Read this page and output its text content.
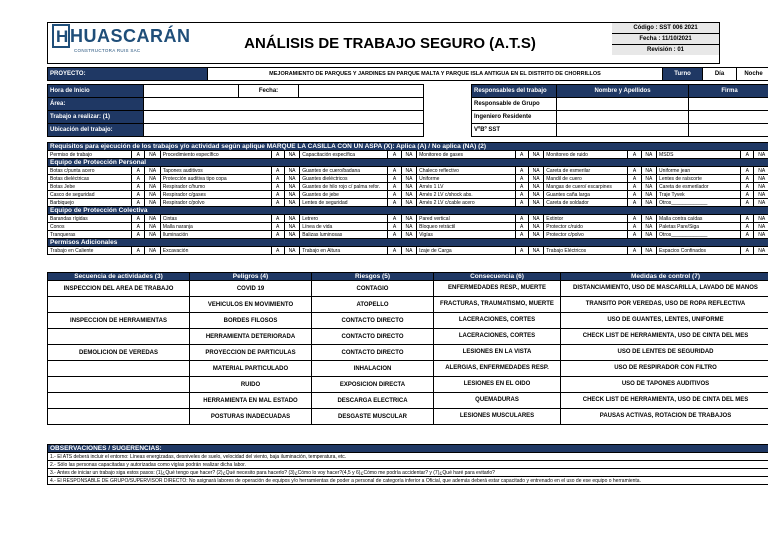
H HUASCARÁN
CONSTRUCTORA RUIS SAC	ANÁLISIS DE TRABAJO SEGURO (A.T.S)
Código : SST 006 2021
Fecha : 11/10/2021
Revisión : 01
PROYECTO:	MEJORAMIENTO DE PARQUES Y JARDINES EN PARQUE MALTA Y PARQUE ISLA ANTIGUA EN EL DISTRITO DE CHORRILLOS	Turno	Día	Noche
Hora de Inicio		Fecha:			Responsables del trabajo	Nombre y Apellidos	Firma
Área:					Responsable de Grupo		
Trabajo a realizar: (1)					Ingeniero Residente		
Ubicación del trabajo:					VºBº SST		
Requisitos para ejecución de los trabajos y/o actividad según aplique MARQUE LA CASILLA CON UN ASPA (X): Aplica (A) / No aplica (NA) (2)																	
Permiso de trabajo	A	NA	Procedimiento específico	A	NA	Capacitación específica	A	NA	Monitoreo de gases	A	NA	Monitoreo de ruido	A	NA	MSDS	A	NA
Equipo de Protección Personal																	
Botas c/punta acero	A	NA	Tapones auditivos	A	NA	Guantes de cuero/badana	A	NA	Chaleco reflectivo	A	NA	Careta de esmerilar	A	NA	Uniforme jean	A	NA
Botas dieléctricas	A	NA	Protección auditiva tipo copa	A	NA	Guantes dieléctricos	A	NA	Uniforme	A	NA	Mandil de cuero	A	NA	Lentes de raíscorte	A	NA
Botas Jebe	A	NA	Respirador c/humo	A	NA	Guantes de hilo rojo c/ palma refor.	A	NA	Arnés 1 LV	A	NA	Mangas de cuero/ escarpines	A	NA	Careta de esmerilador	A	NA
Casco de seguridad	A	NA	Respirador c/gases	A	NA	Guantes de jebe	A	NA	Arnés 2 LV c/shock abs.	A	NA	Guantes caña larga	A	NA	Traje Tyvek	A	NA
Barbiquejo	A	NA	Respirador c/polvo	A	NA	Lentes de seguridad	A	NA	Arnés 2 LV c/cable acero	A	NA	Careta de soldador	A	NA	Otros_____________	A	NA
Equipo de Protección Colectiva																	
Barandas rígidas	A	NA	Cintas	A	NA	Letrero	A	NA	Pared vertical	A	NA	Extintor	A	NA	Malla contra caídas	A	NA
Conos	A	NA	Malla naranja	A	NA	Línea de vida	A	NA	Bloqueo retráctil	A	NA	Protector c/ruido	A	NA	Paletas Pare/Siga	A	NA
Tranqueras	A	NA	Iluminación	A	NA	Balizas luminosas	A	NA	Vigías	A	NA	Protector c/polvo	A	NA	Otros_____________	A	NA
Permisos Adicionales																	
Trabajo en Caliente	A	NA	Excavación	A	NA	Trabajo en Altura	A	NA	Izaje de Carga	A	NA	Trabajo Eléctricos	A	NA	Espacios Confinados	A	NA
Secuencia de actividades (3)	Peligros (4)	Riesgos (5)	Consecuencia (6)	Medidas de control (7)
INSPECCION DEL AREA DE TRABAJO	COVID 19	CONTAGIO	ENFERMEDADES RESP., MUERTE	DISTANCIAMIENTO, USO DE MASCARILLA, LAVADO DE MANOS
	VEHICULOS EN MOVIMIENTO	ATOPELLO	FRACTURAS, TRAUMATISMO, MUERTE	TRANSITO POR VEREDAS, USO DE ROPA REFLECTIVA
INSPECCION DE HERRAMIENTAS	BORDES FILOSOS	CONTACTO DIRECTO	LACERACIONES, CORTES	USO DE GUANTES, LENTES, UNIFORME
	HERRAMIENTA DETERIORADA	CONTACTO DIRECTO	LACERACIONES, CORTES	CHECK LIST DE HERRAMIENTA, USO DE CINTA DEL MES
DEMOLICION DE VEREDAS	PROYECCION DE PARTICULAS	CONTACTO DIRECTO	LESIONES EN LA VISTA	USO DE LENTES DE SEGURIDAD
	MATERIAL PARTICULADO	INHALACION	ALERGIAS, ENFERMEDADES RESP.	USO DE RESPIRADOR CON FILTRO
	RUIDO	EXPOSICION DIRECTA	LESIONES EN EL OIDO	USO DE TAPONES AUDITIVOS
	HERRAMIENTA EN MAL ESTADO	DESCARGA ELECTRICA	QUEMADURAS	CHECK LIST DE HERRAMIENTA, USO DE CINTA DEL MES
	POSTURAS INADECUADAS	DESGASTE MUSCULAR	LESIONES MUSCULARES	PAUSAS ACTIVAS, ROTACION DE TRABAJOS
OBSERVACIONES / SUGERENCIAS:
1.- El ATS deberá incluir el entorno: Líneas energizadas, desniveles de suelo, velocidad del viento, baja iluminación, temperatura, etc.
2.- Sólo las personas capacitadas y autorizadas como vigías podrán realizar dicha labor.
3.- Antes de iniciar un trabajo siga estos pasos: (1)¿Qué tengo que hacer? (2)¿Qué necesito para hacerlo? (3)¿Cómo lo voy hacer?(4,5 y 6)¿Cómo me podría accidentar? y (7)¿Qué haré para evitarlo?
4.- El RESPONSABLE DE GRUPO/SUPERVISOR DIRECTO: No asignará labores de operación de equipos y/o herramientas de poder a personal de categoría inferior a Oficial, que además deberá estar capacitado y entrenado en el uso de ese equipo o herramienta.
